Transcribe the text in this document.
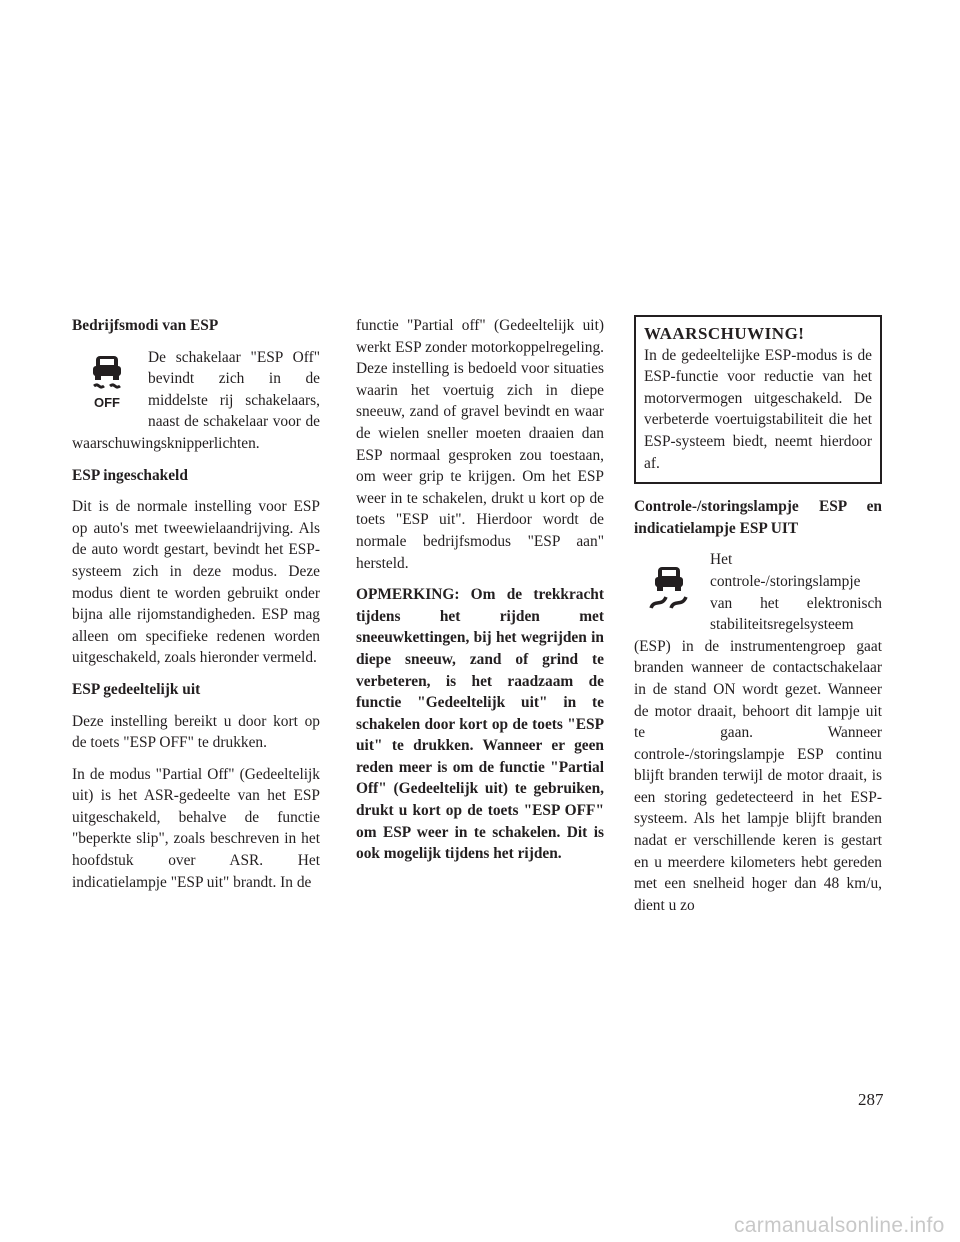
Bedrijfsmodi van ESP

OFF

De schakelaar "ESP Off" bevindt zich in de middelste rij schakelaars, naast de schakelaar voor de waarschuwingsknipperlichten.

ESP ingeschakeld

Dit is de normale instelling voor ESP op auto's met tweewielaandrijving. Als de auto wordt gestart, bevindt het ESP-systeem zich in deze modus. Deze modus dient te worden gebruikt onder bijna alle rijomstandigheden. ESP mag alleen om specifieke redenen worden uitgeschakeld, zoals hieronder vermeld.

ESP gedeeltelijk uit

Deze instelling bereikt u door kort op de toets "ESP OFF" te drukken.

In de modus "Partial Off" (Gedeeltelijk uit) is het ASR-gedeelte van het ESP uitgeschakeld, behalve de functie "beperkte slip", zoals beschreven in het hoofdstuk over ASR. Het indicatielampje "ESP uit" brandt. In de

functie "Partial off" (Gedeeltelijk uit) werkt ESP zonder motorkoppelregeling. Deze instelling is bedoeld voor situaties waarin het voertuig zich in diepe sneeuw, zand of gravel bevindt en waar de wielen sneller moeten draaien dan ESP normaal gesproken zou toestaan, om weer grip te krijgen. Om het ESP weer in te schakelen, drukt u kort op de toets "ESP uit". Hierdoor wordt de normale bedrijfsmodus "ESP aan" hersteld.

OPMERKING: Om de trekkracht tijdens het rijden met sneeuwkettingen, bij het wegrijden in diepe sneeuw, zand of grind te verbeteren, is het raadzaam de functie "Gedeeltelijk uit" in te schakelen door kort op de toets "ESP uit" te drukken. Wanneer er geen reden meer is om de functie "Partial Off" (Gedeeltelijk uit) te gebruiken, drukt u kort op de toets "ESP OFF" om ESP weer in te schakelen. Dit is ook mogelijk tijdens het rijden.

WAARSCHUWING!

In de gedeeltelijke ESP-modus is de ESP-functie voor reductie van het motorvermogen uitgeschakeld. De verbeterde voertuigstabiliteit die het ESP-systeem biedt, neemt hierdoor af.

Controle-/storingslampje ESP en indicatielampje ESP UIT

Het controle-/storingslampje van het elektronisch stabiliteitsregelsysteem (ESP) in de instrumentengroep gaat branden wanneer de contactschakelaar in de stand ON wordt gezet. Wanneer de motor draait, behoort dit lampje uit te gaan. Wanneer controle-/storingslampje ESP continu blijft branden terwijl de motor draait, is een storing gedetecteerd in het ESP-systeem. Als het lampje blijft branden nadat er verschillende keren is gestart en u meerdere kilometers hebt gereden met een snelheid hoger dan 48 km/u, dient u zo

287
carmanualsonline.info
